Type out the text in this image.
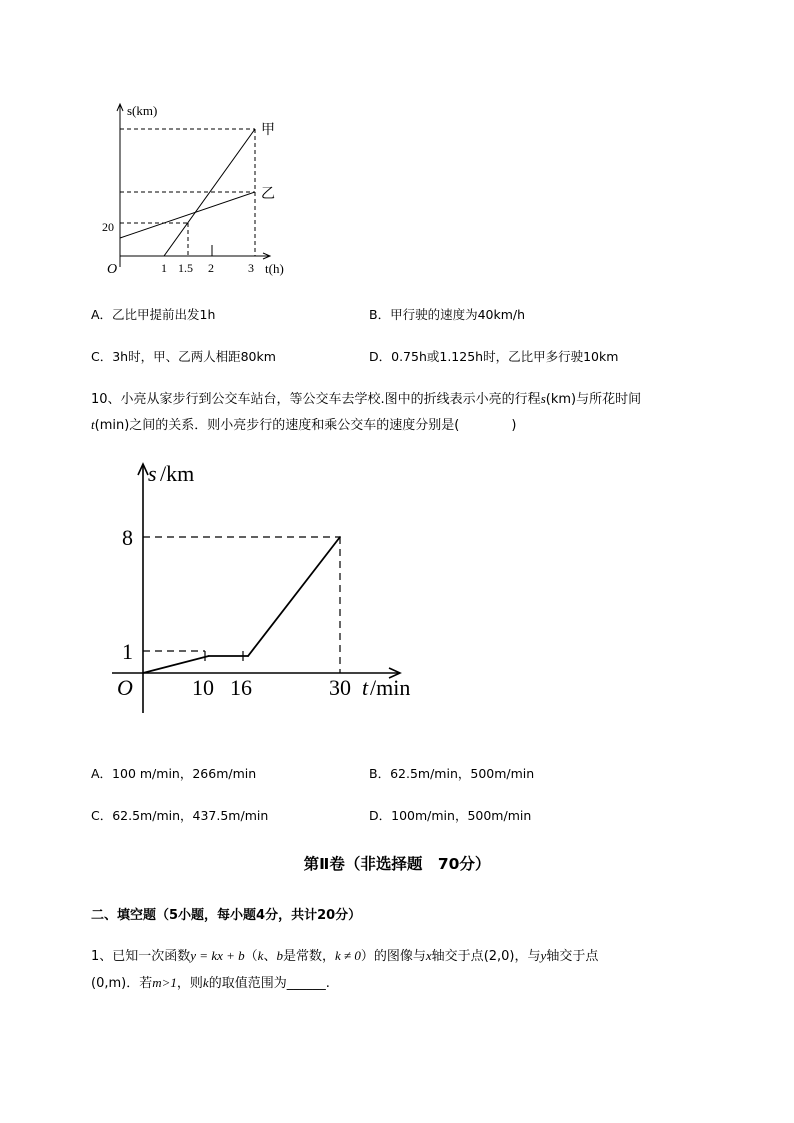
s(km)
t(h)
O
20
1 1.5 2	3
甲
乙
A．乙比甲提前出发1h	B．甲行驶的速度为40km/h
C．3h时，甲、乙两人相距80km	D．0.75h或1.125h时，乙比甲多行驶10km
10、小亮从家步行到公交车站台，等公交车去学校.图中的折线表示小亮的行程s(km)与所花时间
t(min)之间的关系．则小亮步行的速度和乘公交车的速度分别是(　　　　)
s /km
t /min
O
8
1
10 16	30
A．100 m/min，266m/min	B．62.5m/min，500m/min
C．62.5m/min，437.5m/min	D．100m/min，500m/min
第Ⅱ卷（非选择题　70分）
二、填空题（5小题，每小题4分，共计20分）
1、已知一次函数y = kx + b（k、b是常数，k ≠ 0）的图像与x轴交于点(2,0)，与y轴交于点
(0,m)．若m>1，则k的取值范围为______.
